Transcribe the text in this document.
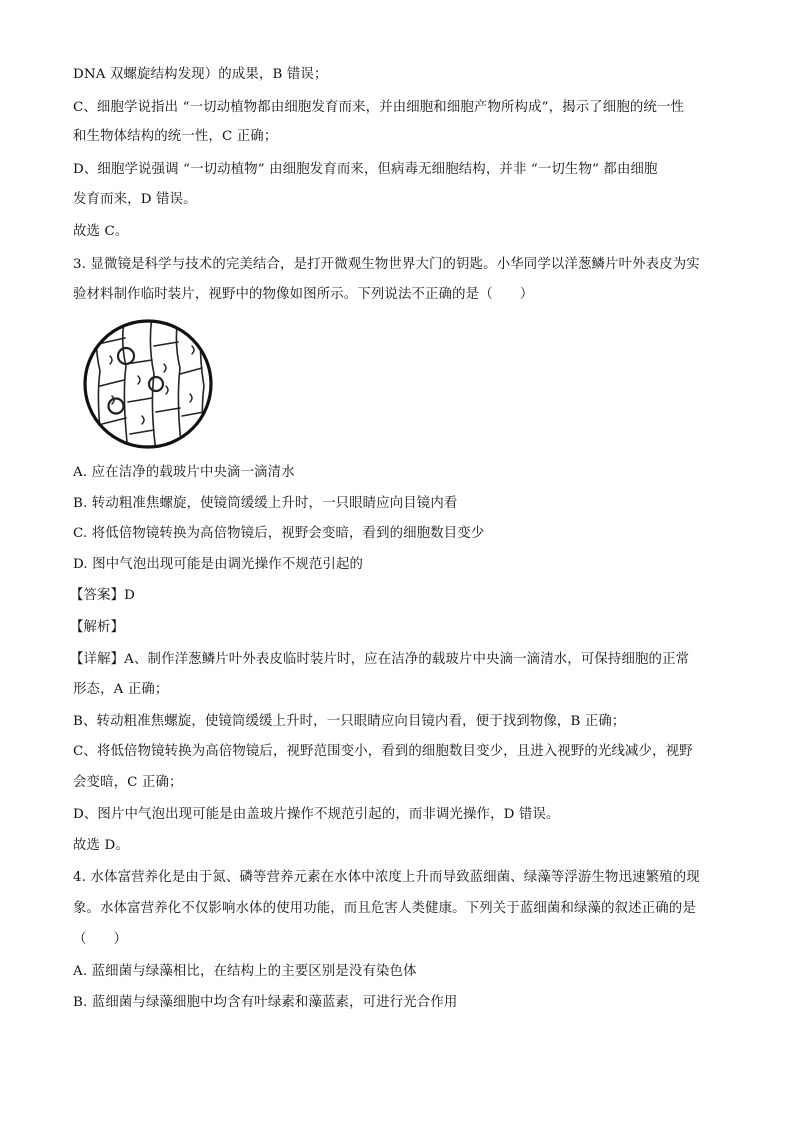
DNA 双螺旋结构发现）的成果，B 错误；
C、细胞学说指出 “一切动植物都由细胞发育而来，并由细胞和细胞产物所构成”，揭示了细胞的统一性
和生物体结构的统一性，C 正确；
D、细胞学说强调 “一切动植物” 由细胞发育而来，但病毒无细胞结构，并非 “一切生物” 都由细胞
发育而来，D 错误。
故选 C。
3. 显微镜是科学与技术的完美结合，是打开微观生物世界大门的钥匙。小华同学以洋葱鳞片叶外表皮为实
验材料制作临时装片，视野中的物像如图所示。下列说法不正确的是（　　）
A. 应在洁净的载玻片中央滴一滴清水
B. 转动粗准焦螺旋，使镜筒缓缓上升时，一只眼睛应向目镜内看
C. 将低倍物镜转换为高倍物镜后，视野会变暗，看到的细胞数目变少
D. 图中气泡出现可能是由调光操作不规范引起的
【答案】D
【解析】
【详解】A、制作洋葱鳞片叶外表皮临时装片时，应在洁净的载玻片中央滴一滴清水，可保持细胞的正常
形态，A 正确；
B、转动粗准焦螺旋，使镜筒缓缓上升时，一只眼睛应向目镜内看，便于找到物像，B 正确；
C、将低倍物镜转换为高倍物镜后，视野范围变小，看到的细胞数目变少，且进入视野的光线减少，视野
会变暗，C 正确；
D、图片中气泡出现可能是由盖玻片操作不规范引起的，而非调光操作，D 错误。
故选 D。
4. 水体富营养化是由于氮、磷等营养元素在水体中浓度上升而导致蓝细菌、绿藻等浮游生物迅速繁殖的现
象。水体富营养化不仅影响水体的使用功能，而且危害人类健康。下列关于蓝细菌和绿藻的叙述正确的是
（　　）
A. 蓝细菌与绿藻相比，在结构上的主要区别是没有染色体
B. 蓝细菌与绿藻细胞中均含有叶绿素和藻蓝素，可进行光合作用
